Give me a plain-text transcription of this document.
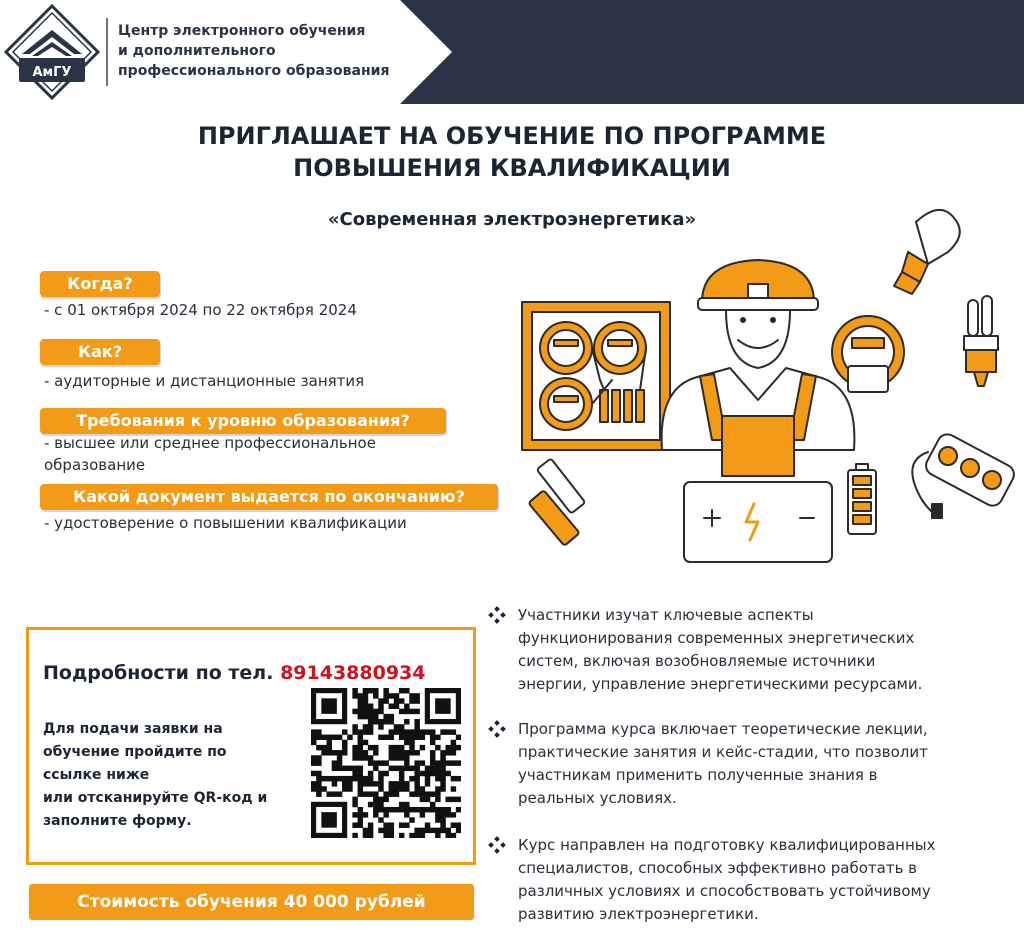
АмГУ
Центр электронного обучения
и дополнительного
профессионального образования
ПРИГЛАШАЕТ НА ОБУЧЕНИЕ ПО ПРОГРАММЕ
ПОВЫШЕНИЯ КВАЛИФИКАЦИИ
«Современная электроэнергетика»
Когда?
- с 01 октября 2024 по 22 октября 2024
Как?
- аудиторные и дистанционные занятия
Требования к уровню образования?
- высшее или среднее профессиональное
образование
Какой документ выдается по окончанию?
- удостоверение о повышении квалификации
Подробности по тел. 89143880934
Для подачи заявки на
обучение пройдите по
ссылке ниже
или отсканируйте QR-код и
заполните форму.
Стоимость обучения 40 000 рублей
Участники изучат ключевые аспекты
функционирования современных энергетических
систем, включая возобновляемые источники
энергии, управление энергетическими ресурсами.
Программа курса включает теоретические лекции,
практические занятия и кейс-стадии, что позволит
участникам применить полученные знания в
реальных условиях.
Курс направлен на подготовку квалифицированных
специалистов, способных эффективно работать в
различных условиях и способствовать устойчивому
развитию электроэнергетики.
